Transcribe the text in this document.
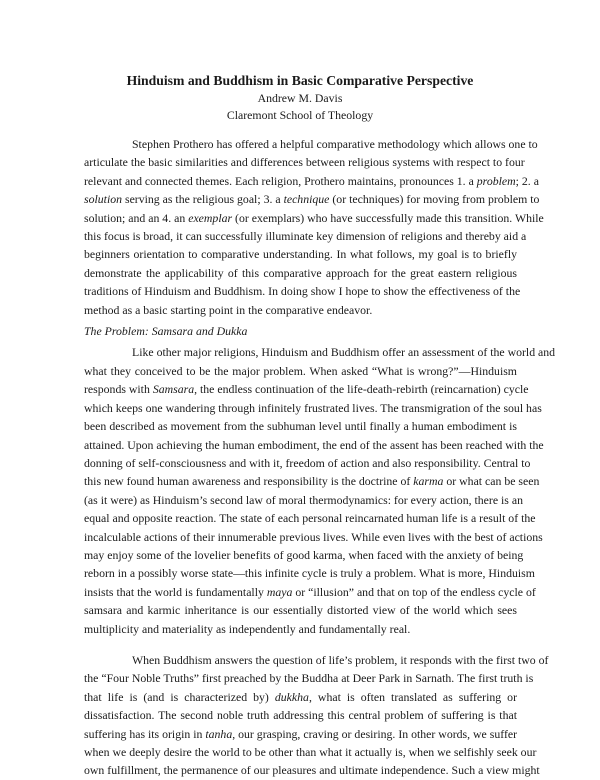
Hinduism and Buddhism in Basic Comparative Perspective
Andrew M. Davis
Claremont School of Theology
Stephen Prothero has offered a helpful comparative methodology which allows one to
articulate the basic similarities and differences between religious systems with respect to four
relevant and connected themes. Each religion, Prothero maintains, pronounces 1. a problem; 2. a
solution serving as the religious goal; 3. a technique (or techniques) for moving from problem to
solution; and an 4. an exemplar (or exemplars) who have successfully made this transition. While
this focus is broad, it can successfully illuminate key dimension of religions and thereby aid a
beginners orientation to comparative understanding. In what follows, my goal is to briefly
demonstrate the applicability of this comparative approach for the great eastern religious
traditions of Hinduism and Buddhism. In doing show I hope to show the effectiveness of the
method as a basic starting point in the comparative endeavor.
The Problem: Samsara and Dukka
Like other major religions, Hinduism and Buddhism offer an assessment of the world and
what they conceived to be the major problem. When asked “What is wrong?”—Hinduism
responds with Samsara, the endless continuation of the life-death-rebirth (reincarnation) cycle
which keeps one wandering through infinitely frustrated lives. The transmigration of the soul has
been described as movement from the subhuman level until finally a human embodiment is
attained. Upon achieving the human embodiment, the end of the assent has been reached with the
donning of self-consciousness and with it, freedom of action and also responsibility. Central to
this new found human awareness and responsibility is the doctrine of karma or what can be seen
(as it were) as Hinduism’s second law of moral thermodynamics: for every action, there is an
equal and opposite reaction. The state of each personal reincarnated human life is a result of the
incalculable actions of their innumerable previous lives. While even lives with the best of actions
may enjoy some of the lovelier benefits of good karma, when faced with the anxiety of being
reborn in a possibly worse state—this infinite cycle is truly a problem. What is more, Hinduism
insists that the world is fundamentally maya or “illusion” and that on top of the endless cycle of
samsara and karmic inheritance is our essentially distorted view of the world which sees
multiplicity and materiality as independently and fundamentally real.
When Buddhism answers the question of life’s problem, it responds with the first two of
the “Four Noble Truths” first preached by the Buddha at Deer Park in Sarnath. The first truth is
that life is (and is characterized by) dukkha, what is often translated as suffering or
dissatisfaction. The second noble truth addressing this central problem of suffering is that
suffering has its origin in tanha, our grasping, craving or desiring. In other words, we suffer
when we deeply desire the world to be other than what it actually is, when we selfishly seek our
own fulfillment, the permanence of our pleasures and ultimate independence. Such a view might
